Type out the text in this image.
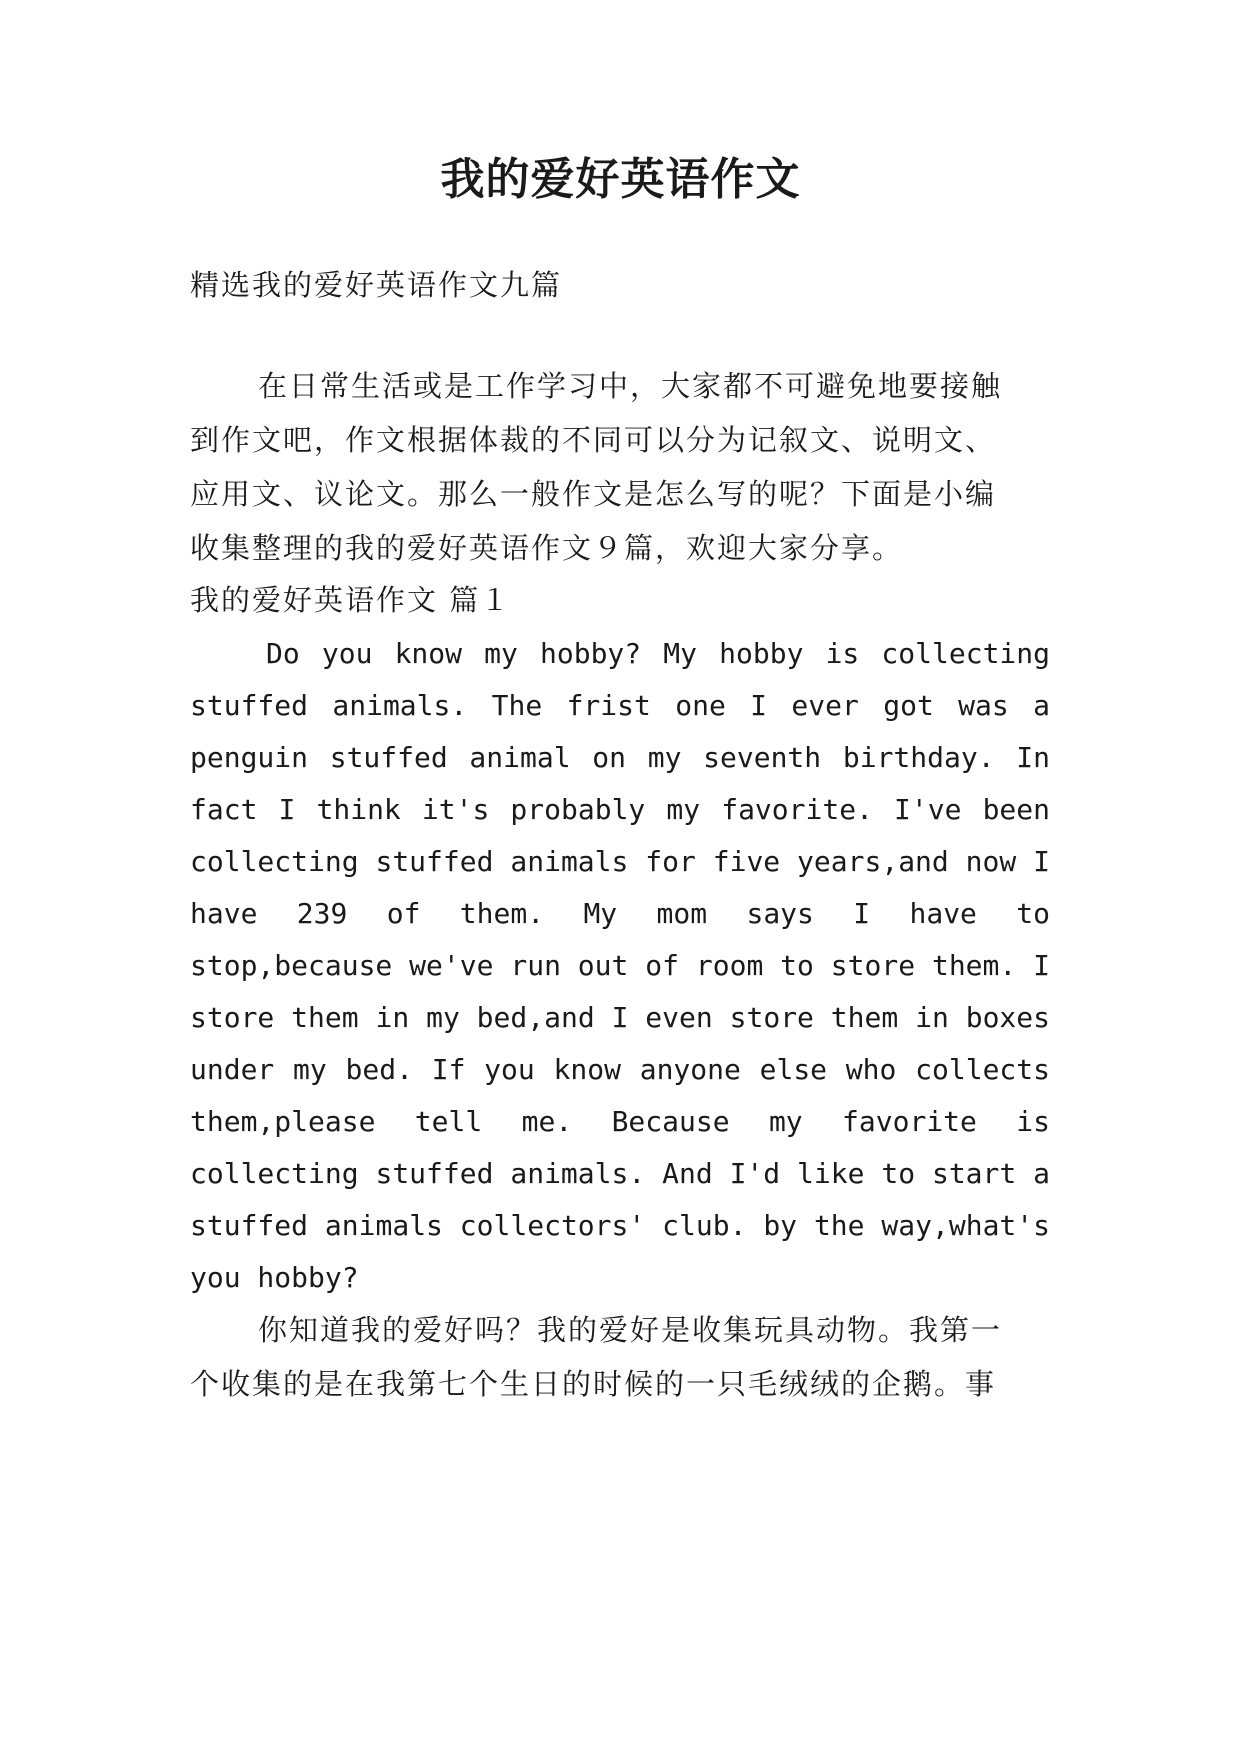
我的爱好英语作文
精选我的爱好英语作文九篇
在日常生活或是工作学习中，大家都不可避免地要接触
到作文吧，作文根据体裁的不同可以分为记叙文、说明文、
应用文、议论文。那么一般作文是怎么写的呢？下面是小编
收集整理的我的爱好英语作文９篇，欢迎大家分享。
我的爱好英语作文 篇１
Do you know my hobby? My hobby is collecting
stuffed animals. The frist one I ever got was a
penguin stuffed animal on my seventh birthday. In
fact I think it's probably my favorite. I've been
collecting stuffed animals for five years,and now I
have 239 of them. My mom says I have to
stop,because we've run out of room to store them. I
store them in my bed,and I even store them in boxes
under my bed. If you know anyone else who collects
them,please tell me. Because my favorite is
collecting stuffed animals. And I'd like to start a
stuffed animals collectors' club. by the way,what's
you hobby?
你知道我的爱好吗？我的爱好是收集玩具动物。我第一
个收集的是在我第七个生日的时候的一只毛绒绒的企鹅。事
